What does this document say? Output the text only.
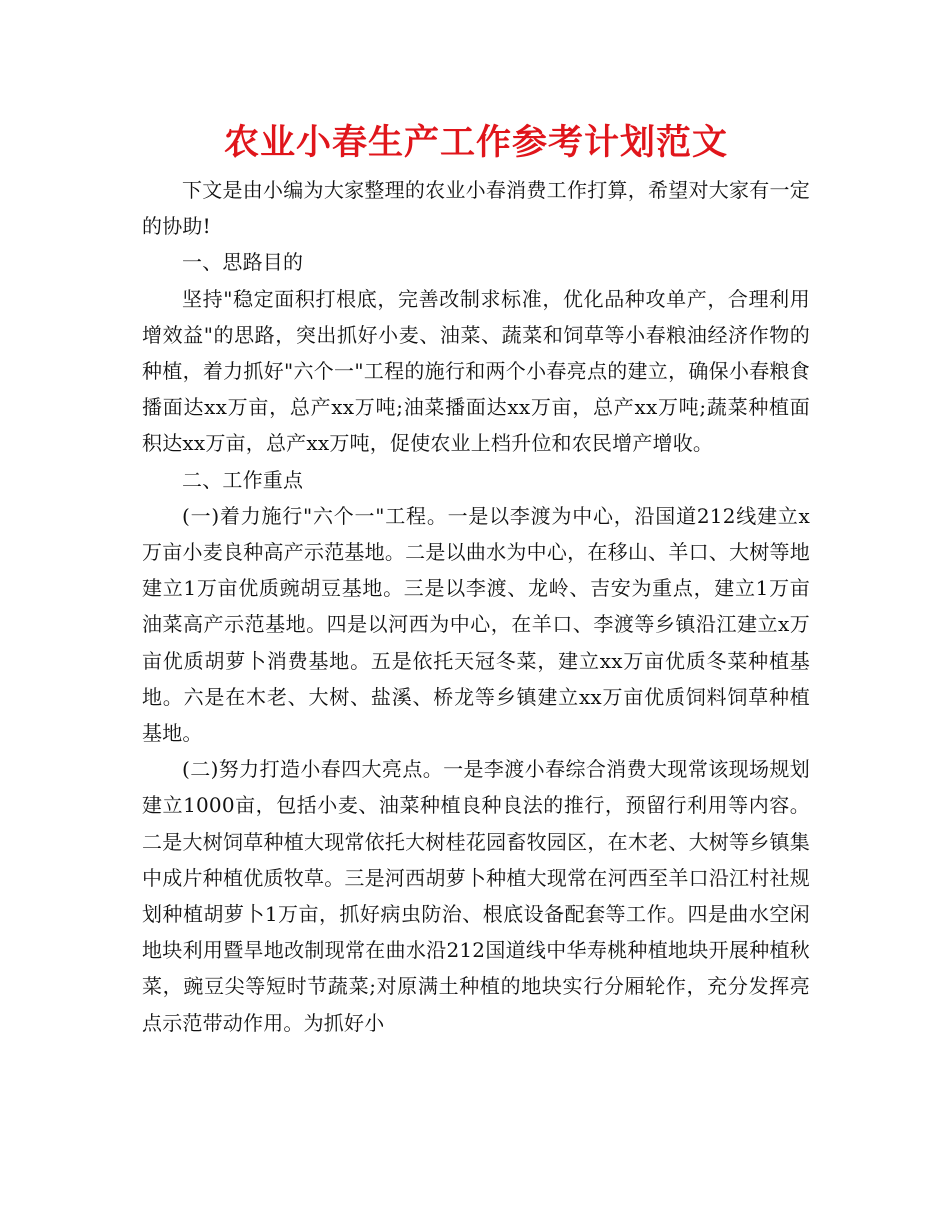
农业小春生产工作参考计划范文

下文是由小编为大家整理的农业小春消费工作打算，希望对大家有一定的协助!

一、思路目的

坚持"稳定面积打根底，完善改制求标准，优化品种攻单产，合理利用增效益"的思路，突出抓好小麦、油菜、蔬菜和饲草等小春粮油经济作物的种植，着力抓好"六个一"工程的施行和两个小春亮点的建立，确保小春粮食播面达xx万亩，总产xx万吨;油菜播面达xx万亩，总产xx万吨;蔬菜种植面积达xx万亩，总产xx万吨，促使农业上档升位和农民增产增收。

二、工作重点

(一)着力施行"六个一"工程。一是以李渡为中心，沿国道212线建立x万亩小麦良种高产示范基地。二是以曲水为中心，在移山、羊口、大树等地建立1万亩优质豌胡豆基地。三是以李渡、龙岭、吉安为重点，建立1万亩油菜高产示范基地。四是以河西为中心，在羊口、李渡等乡镇沿江建立x万亩优质胡萝卜消费基地。五是依托天冠冬菜，建立xx万亩优质冬菜种植基地。六是在木老、大树、盐溪、桥龙等乡镇建立xx万亩优质饲料饲草种植基地。

(二)努力打造小春四大亮点。一是李渡小春综合消费大现常该现场规划建立1000亩，包括小麦、油菜种植良种良法的推行，预留行利用等内容。二是大树饲草种植大现常依托大树桂花园畜牧园区，在木老、大树等乡镇集中成片种植优质牧草。三是河西胡萝卜种植大现常在河西至羊口沿江村社规划种植胡萝卜1万亩，抓好病虫防治、根底设备配套等工作。四是曲水空闲地块利用暨旱地改制现常在曲水沿212国道线中华寿桃种植地块开展种植秋菜，豌豆尖等短时节蔬菜;对原满土种植的地块实行分厢轮作，充分发挥亮点示范带动作用。为抓好小
